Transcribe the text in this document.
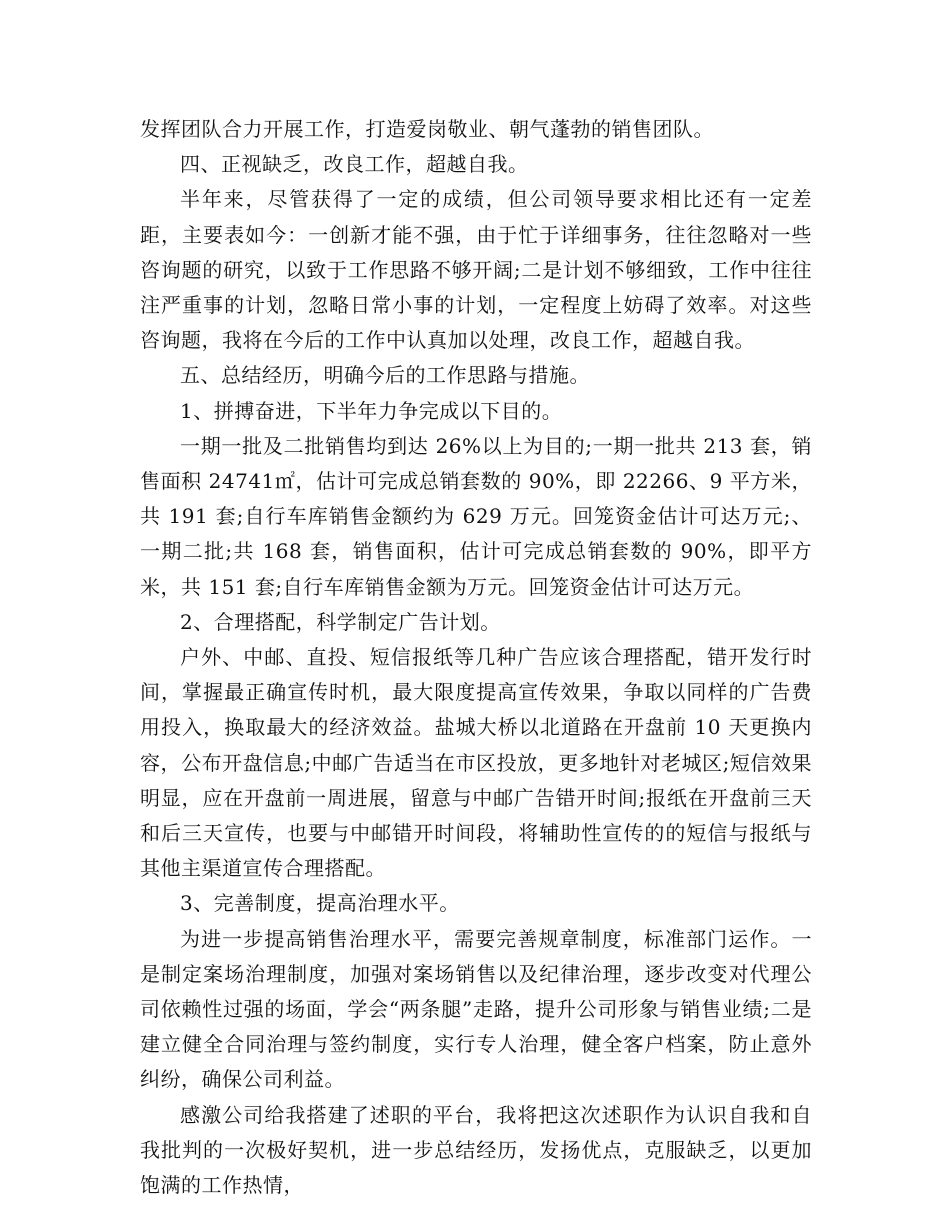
发挥团队合力开展工作，打造爱岗敬业、朝气蓬勃的销售团队。

四、正视缺乏，改良工作，超越自我。

半年来，尽管获得了一定的成绩，但公司领导要求相比还有一定差距，主要表如今：一创新才能不强，由于忙于详细事务，往往忽略对一些咨询题的研究，以致于工作思路不够开阔;二是计划不够细致，工作中往往注严重事的计划，忽略日常小事的计划，一定程度上妨碍了效率。对这些咨询题，我将在今后的工作中认真加以处理，改良工作，超越自我。

五、总结经历，明确今后的工作思路与措施。

1、拼搏奋进，下半年力争完成以下目的。

一期一批及二批销售均到达 26%以上为目的;一期一批共 213 套，销售面积 24741㎡，估计可完成总销套数的 90%，即 22266、9 平方米，共 191 套;自行车库销售金额约为 629 万元。回笼资金估计可达万元;、一期二批;共 168 套，销售面积，估计可完成总销套数的 90%，即平方米，共 151 套;自行车库销售金额为万元。回笼资金估计可达万元。

2、合理搭配，科学制定广告计划。

户外、中邮、直投、短信报纸等几种广告应该合理搭配，错开发行时间，掌握最正确宣传时机，最大限度提高宣传效果，争取以同样的广告费用投入，换取最大的经济效益。盐城大桥以北道路在开盘前 10 天更换内容，公布开盘信息;中邮广告适当在市区投放，更多地针对老城区;短信效果明显，应在开盘前一周进展，留意与中邮广告错开时间;报纸在开盘前三天和后三天宣传，也要与中邮错开时间段，将辅助性宣传的的短信与报纸与其他主渠道宣传合理搭配。

3、完善制度，提高治理水平。

为进一步提高销售治理水平，需要完善规章制度，标准部门运作。一是制定案场治理制度，加强对案场销售以及纪律治理，逐步改变对代理公司依赖性过强的场面，学会“两条腿”走路，提升公司形象与销售业绩;二是建立健全合同治理与签约制度，实行专人治理，健全客户档案，防止意外纠纷，确保公司利益。

感激公司给我搭建了述职的平台，我将把这次述职作为认识自我和自我批判的一次极好契机，进一步总结经历，发扬优点，克服缺乏，以更加饱满的工作热情，
